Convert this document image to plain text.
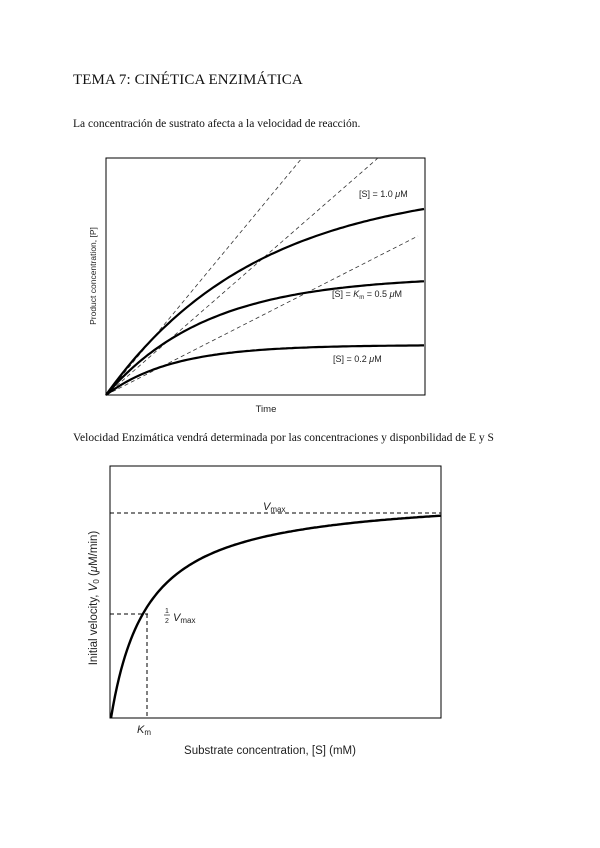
TEMA 7: CINÉTICA ENZIMÁTICA
La concentración de sustrato afecta a la velocidad de reacción.
Product concentration, [P]
Time
[S] = 1.0 μM
$[S] = K_m = 0.5$ μM
[S] = 0.2 μM
Velocidad Enzimática vendrá determinada por las concentraciones y disponbilidad de E y S
Vmax
1
2 Vmax
Km
Substrate concentration, [S] (mM)
Initial velocity, V0 (μM/min)
